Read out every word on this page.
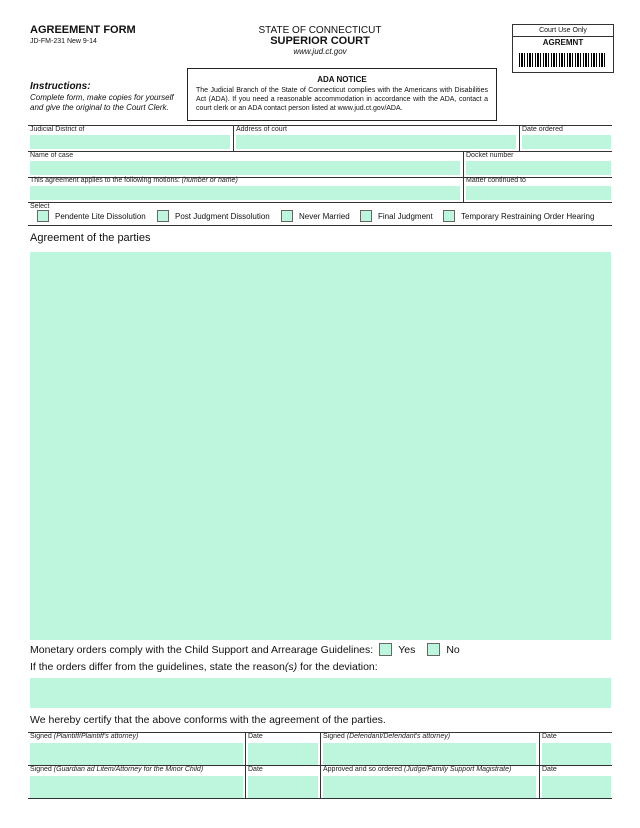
AGREEMENT FORM
JD-FM-231 New 9-14
STATE OF CONNECTICUT
SUPERIOR COURT
www.jud.ct.gov
Court Use Only
AGREMNT
Instructions:
Complete form, make copies for yourself and give the original to the Court Clerk.
ADA NOTICE
The Judicial Branch of the State of Connecticut complies with the Americans with Disabilities Act (ADA). If you need a reasonable accommodation in accordance with the ADA, contact a court clerk or an ADA contact person listed at www.jud.ct.gov/ADA.
Judicial District of	Address of court	Date ordered
Name of case	Docket number
This agreement applies to the following motions: (number or name)	Matter continued to
Select
Pendente Lite Dissolution	Post Judgment Dissolution	Never Married	Final Judgment	Temporary Restraining Order Hearing
Agreement of the parties
Monetary orders comply with the Child Support and Arrearage Guidelines: Yes	No
If the orders differ from the guidelines, state the reason(s) for the deviation:
We hereby certify that the above conforms with the agreement of the parties.
Signed (Plaintiff/Plaintiff's attorney)	Date	Signed (Defendant/Defendant's attorney)	Date
Signed (Guardian ad Litem/Attorney for the Minor Child)	Date	Approved and so ordered (Judge/Family Support Magistrate)	Date
